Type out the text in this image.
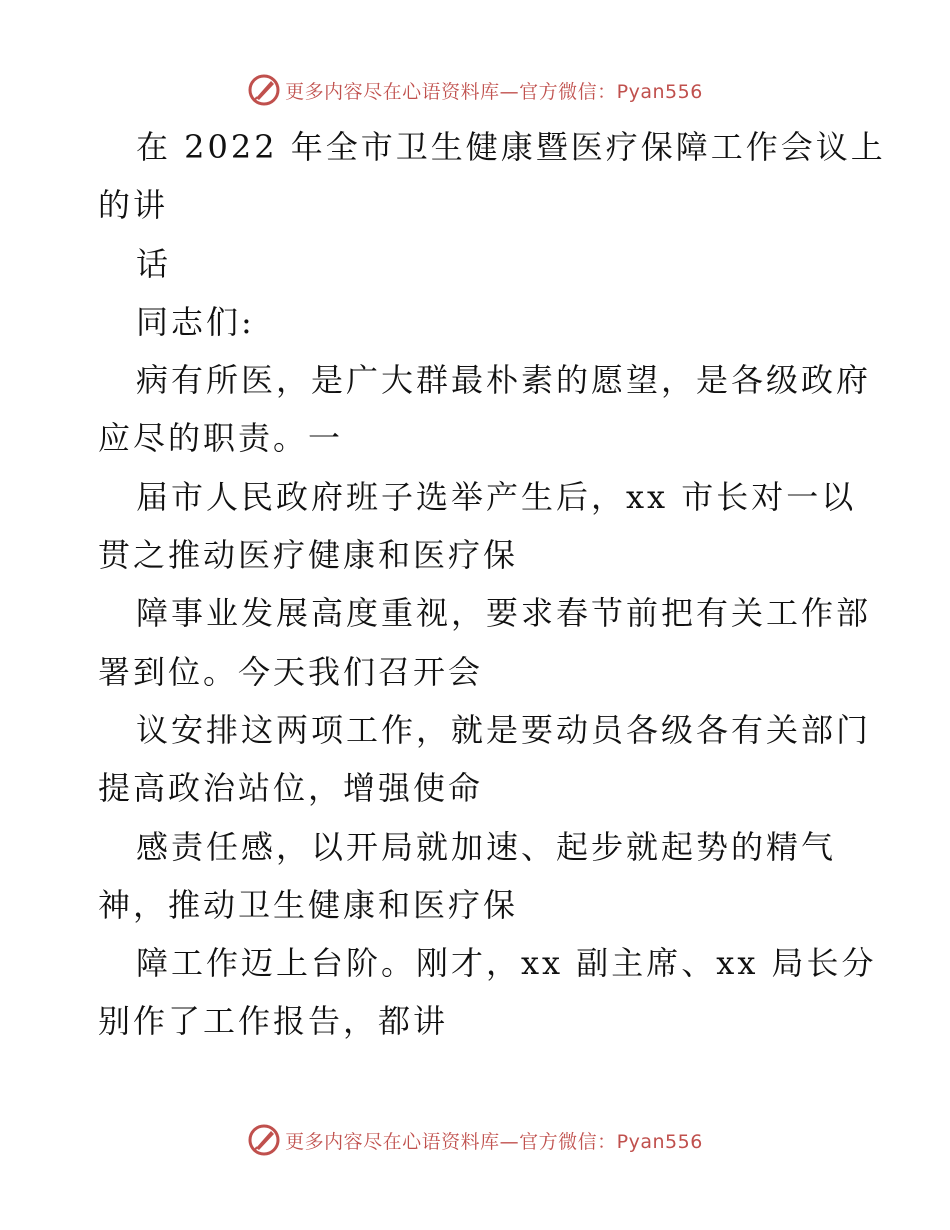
更多内容尽在心语资料库—官方微信：Pyan556
在 2022 年全市卫生健康暨医疗保障工作会议上
的讲
话
同志们:
病有所医，是广大群最朴素的愿望，是各级政府
应尽的职责。一
届市人民政府班子选举产生后，xx 市长对一以
贯之推动医疗健康和医疗保
障事业发展高度重视，要求春节前把有关工作部
署到位。今天我们召开会
议安排这两项工作，就是要动员各级各有关部门
提高政治站位，增强使命
感责任感，以开局就加速、起步就起势的精气
神，推动卫生健康和医疗保
障工作迈上台阶。刚才，xx 副主席、xx 局长分
别作了工作报告，都讲
更多内容尽在心语资料库—官方微信：Pyan556
